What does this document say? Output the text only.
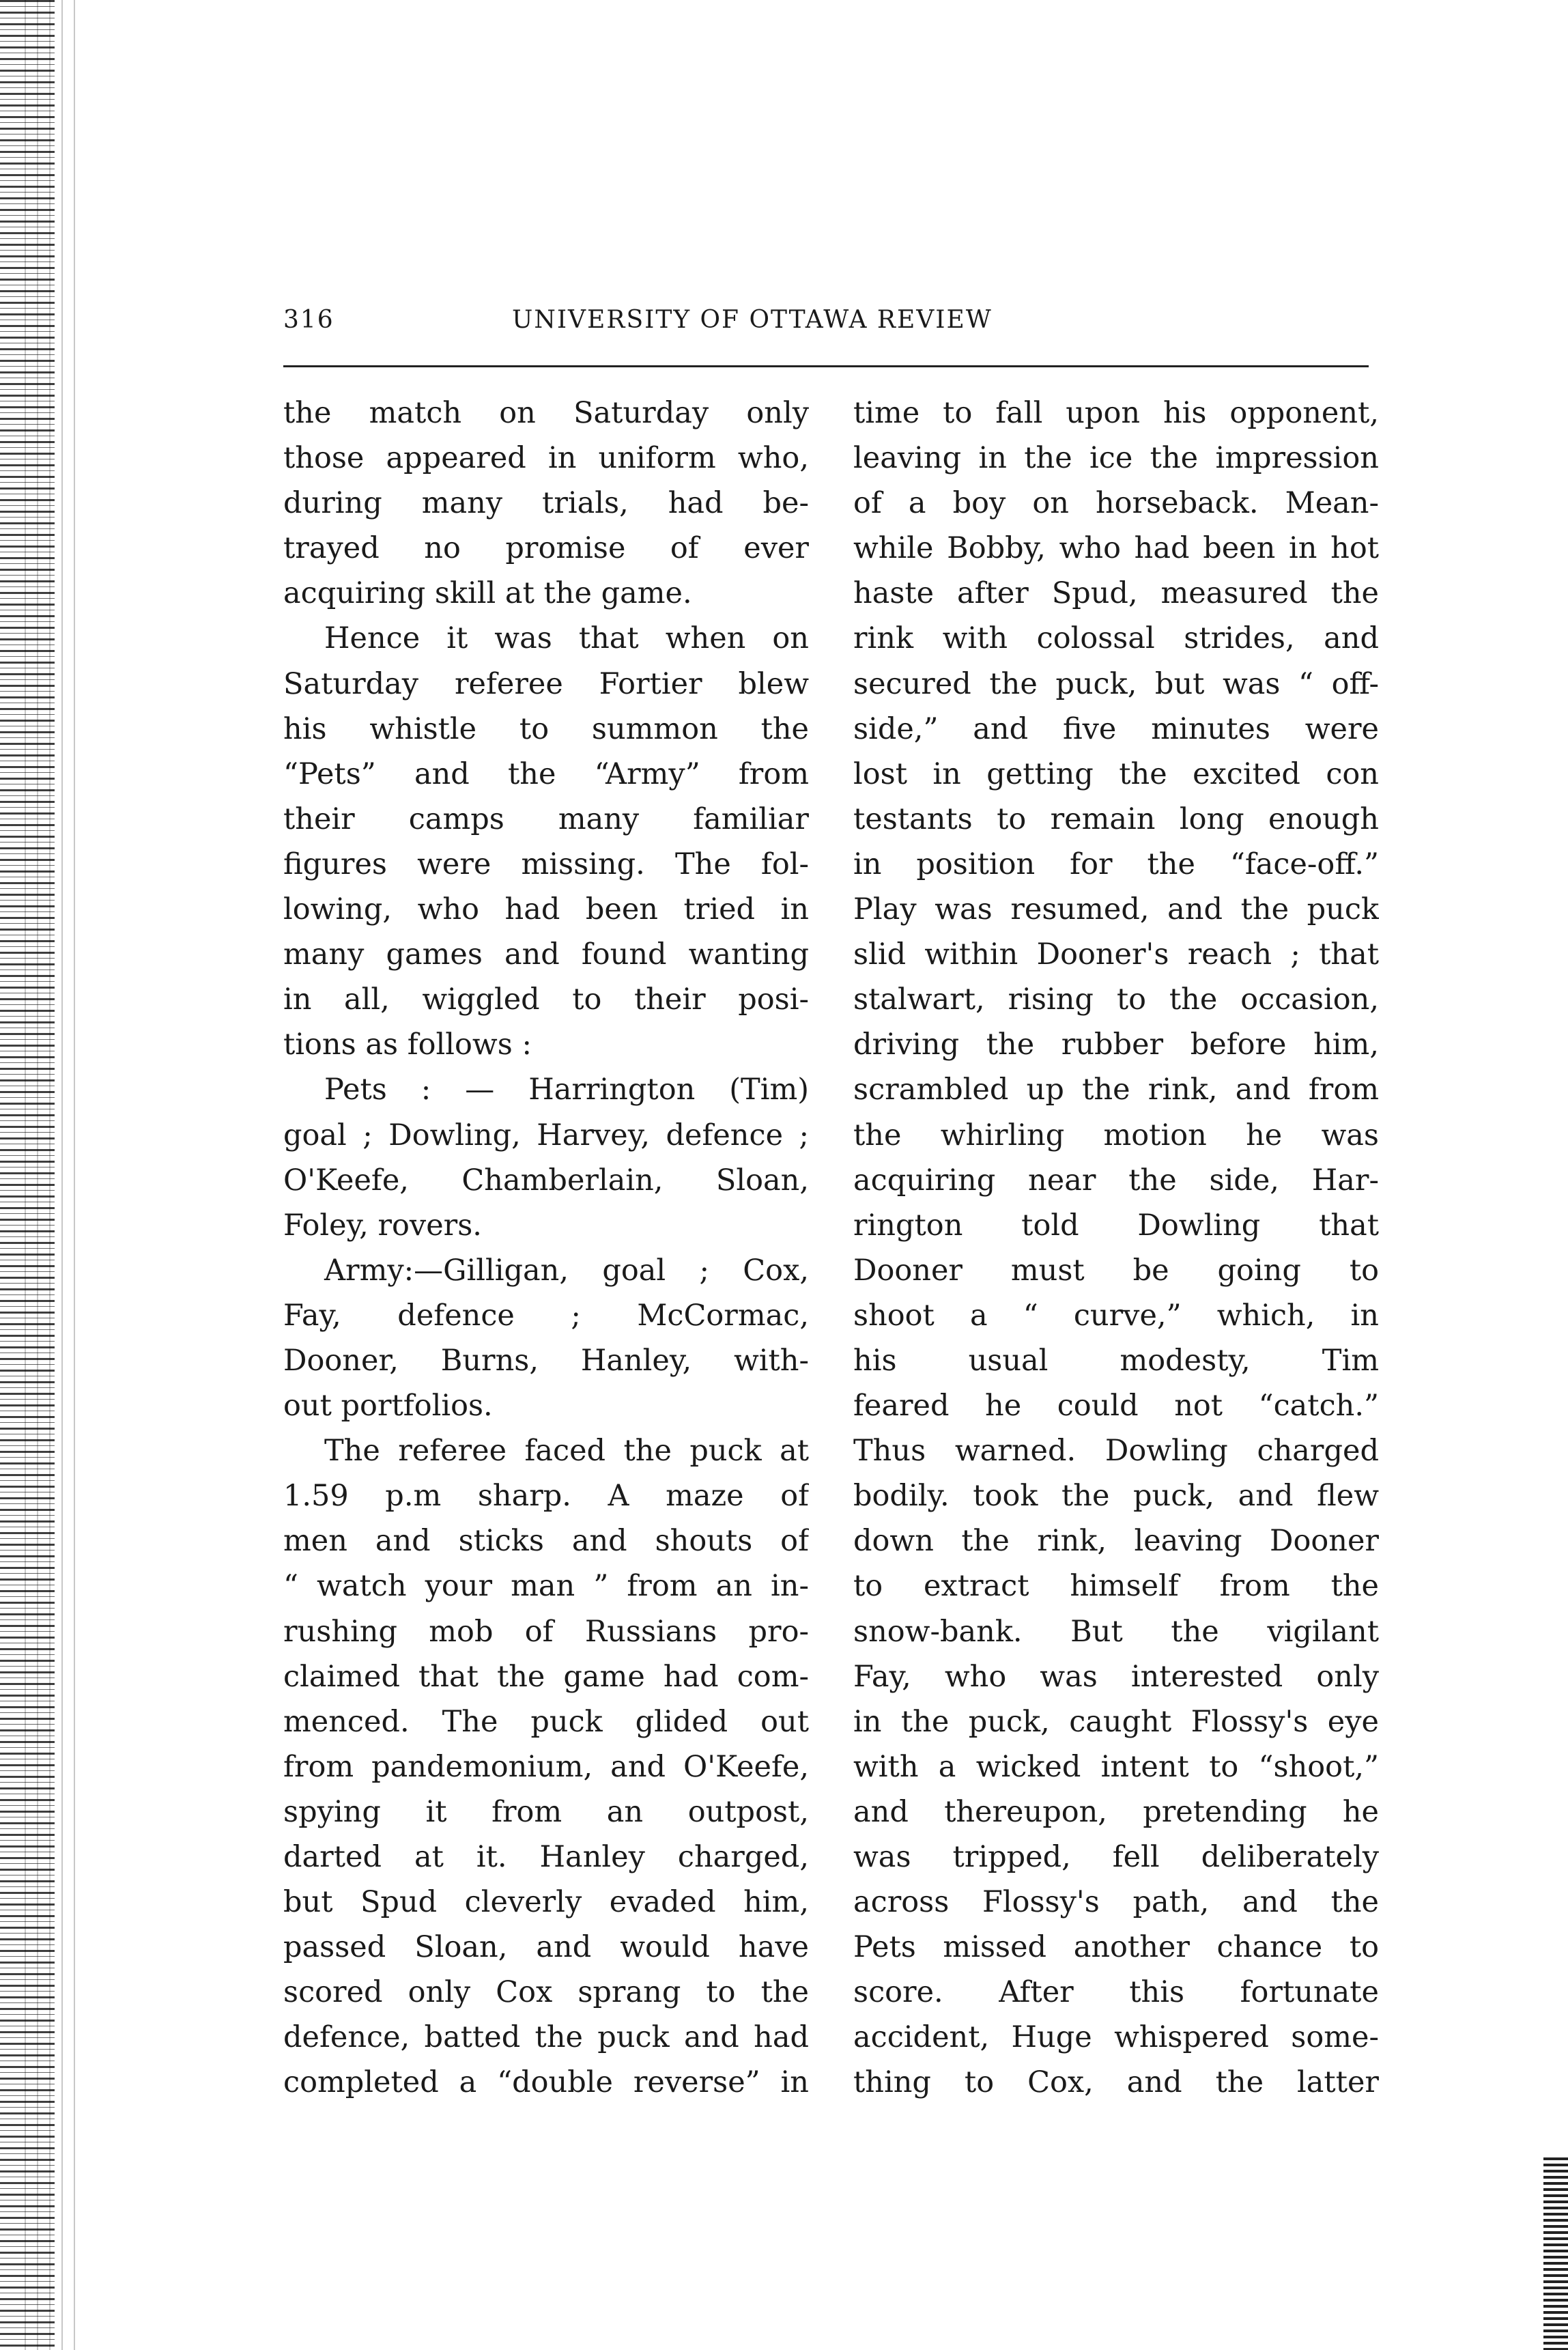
316	UNIVERSITY OF OTTAWA REVIEW
the match on Saturday only
those appeared in uniform who,
during many trials, had be-
trayed no promise of ever
acquiring skill at the game.
Hence it was that when on
Saturday referee Fortier blew
his whistle to summon the
“Pets” and the “Army” from
their camps many familiar
figures were missing. The fol-
lowing, who had been tried in
many games and found wanting
in all, wiggled to their posi-
tions as follows :
Pets : — Harrington (Tim)
goal ; Dowling, Harvey, defence ;
O'Keefe, Chamberlain, Sloan,
Foley, rovers.
Army:—Gilligan, goal ; Cox,
Fay, defence ; McCormac,
Dooner, Burns, Hanley, with-
out portfolios.
The referee faced the puck at
1.59 p.m sharp. A maze of
men and sticks and shouts of
“ watch your man ” from an in-
rushing mob of Russians pro-
claimed that the game had com-
menced. The puck glided out
from pandemonium, and O'Keefe,
spying it from an outpost,
darted at it. Hanley charged,
but Spud cleverly evaded him,
passed Sloan, and would have
scored only Cox sprang to the
defence, batted the puck and had
completed a “double reverse” in
time to fall upon his opponent,
leaving in the ice the impression
of a boy on horseback. Mean-
while Bobby, who had been in hot
haste after Spud, measured the
rink with colossal strides, and
secured the puck, but was “ off-
side,” and five minutes were
lost in getting the excited con
testants to remain long enough
in position for the “face-off.”
Play was resumed, and the puck
slid within Dooner's reach ; that
stalwart, rising to the occasion,
driving the rubber before him,
scrambled up the rink, and from
the whirling motion he was
acquiring near the side, Har-
rington told Dowling that
Dooner must be going to
shoot a “ curve,” which, in
his usual modesty, Tim
feared he could not “catch.”
Thus warned. Dowling charged
bodily. took the puck, and flew
down the rink, leaving Dooner
to extract himself from the
snow-bank. But the vigilant
Fay, who was interested only
in the puck, caught Flossy's eye
with a wicked intent to “shoot,”
and thereupon, pretending he
was tripped, fell deliberately
across Flossy's path, and the
Pets missed another chance to
score. After this fortunate
accident, Huge whispered some-
thing to Cox, and the latter
